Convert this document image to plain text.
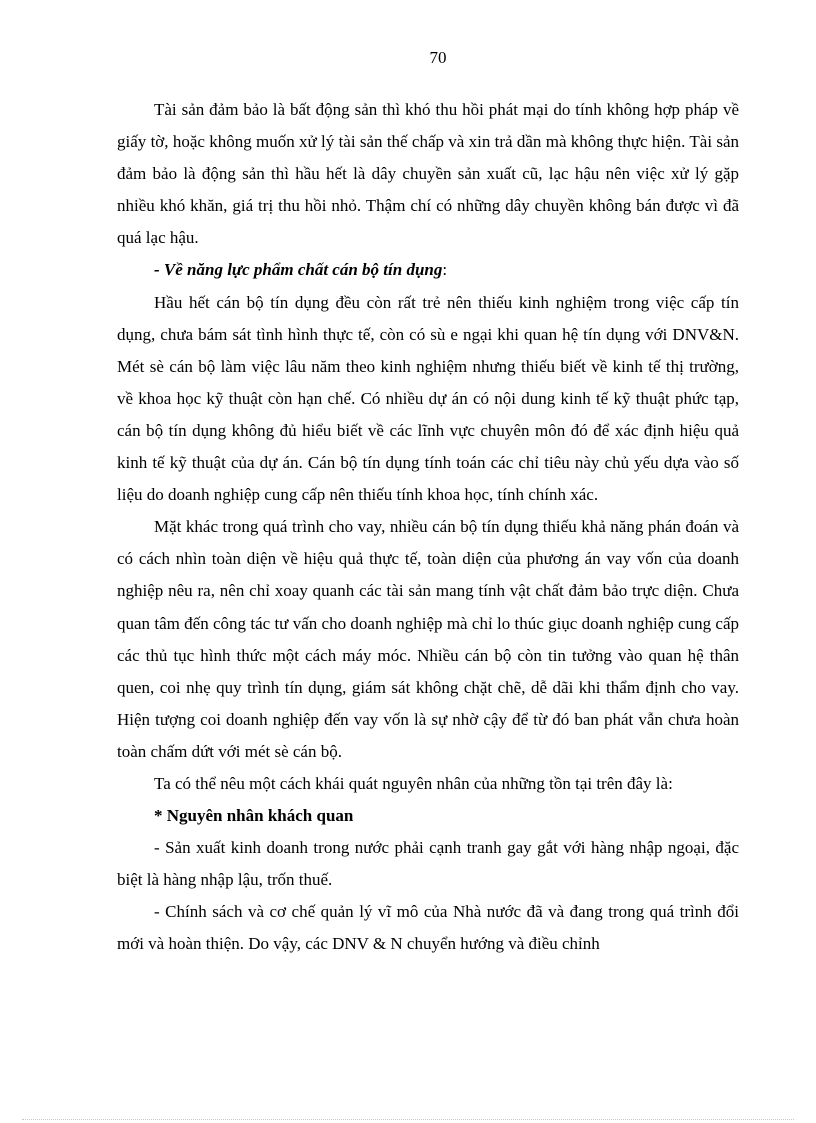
70

Tài sản đảm bảo là bất động sản thì khó thu hồi phát mại do tính không hợp pháp về giấy tờ, hoặc không muốn xử lý tài sản thế chấp và xin trả dần mà không thực hiện. Tài sản đảm bảo là động sản thì hầu hết là dây chuyền sản xuất cũ, lạc hậu nên việc xử lý gặp nhiều khó khăn, giá trị thu hồi nhỏ. Thậm chí có những dây chuyền không bán được vì đã quá lạc hậu.

- Về năng lực phẩm chất cán bộ tín dụng:

Hầu hết cán bộ tín dụng đều còn rất trẻ nên thiếu kinh nghiệm trong việc cấp tín dụng, chưa bám sát tình hình thực tế, còn có sù e ngại khi quan hệ tín dụng với DNV&N. Mét sè cán bộ làm việc lâu năm theo kinh nghiệm nhưng thiếu biết về kinh tế thị trường, về khoa học kỹ thuật còn hạn chế. Có nhiều dự án có nội dung kinh tế kỹ thuật phức tạp, cán bộ tín dụng không đủ hiểu biết về các lĩnh vực chuyên môn đó để xác định hiệu quả kinh tế kỹ thuật của dự án. Cán bộ tín dụng tính toán các chỉ tiêu này chủ yếu dựa vào số liệu do doanh nghiệp cung cấp nên thiếu tính khoa học, tính chính xác.

Mặt khác trong quá trình cho vay, nhiều cán bộ tín dụng thiếu khả năng phán đoán và có cách nhìn toàn diện về hiệu quả thực tế, toàn diện của phương án vay vốn của doanh nghiệp nêu ra, nên chỉ xoay quanh các tài sản mang tính vật chất đảm bảo trực diện. Chưa quan tâm đến công tác tư vấn cho doanh nghiệp mà chỉ lo thúc giục doanh nghiệp cung cấp các thủ tục hình thức một cách máy móc. Nhiều cán bộ còn tin tưởng vào quan hệ thân quen, coi nhẹ quy trình tín dụng, giám sát không chặt chẽ, dễ dãi khi thẩm định cho vay. Hiện tượng coi doanh nghiệp đến vay vốn là sự nhờ cậy để từ đó ban phát vẫn chưa hoàn toàn chấm dứt với mét sè cán bộ.

Ta có thể nêu một cách khái quát nguyên nhân của những tồn tại trên đây là:

* Nguyên nhân khách quan

- Sản xuất kinh doanh trong nước phải cạnh tranh gay gắt với hàng nhập ngoại, đặc biệt là hàng nhập lậu, trốn thuế.

- Chính sách và cơ chế quản lý vĩ mô của Nhà nước đã và đang trong quá trình đổi mới và hoàn thiện. Do vậy, các DNV & N chuyển hướng và điều chỉnh
